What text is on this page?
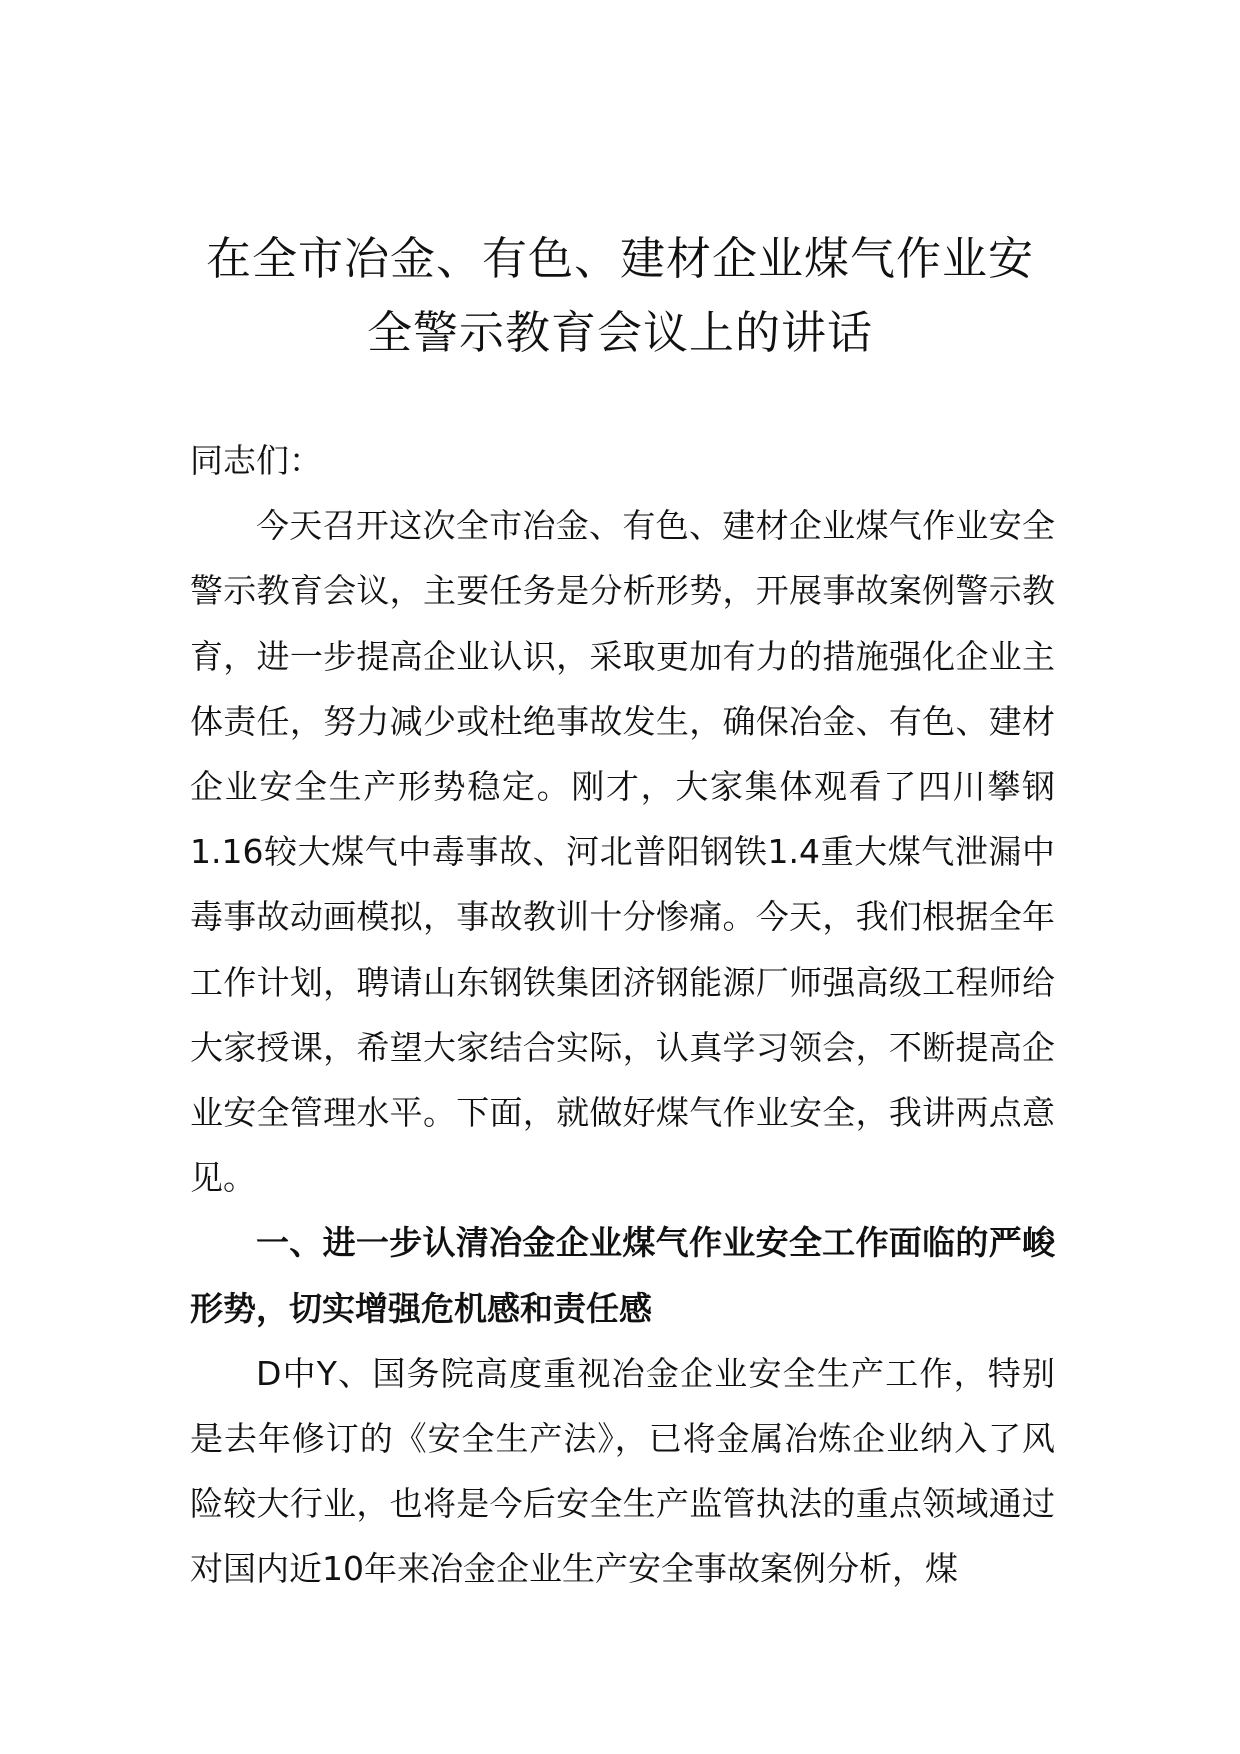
在全市冶金、有色、建材企业煤气作业安
全警示教育会议上的讲话

同志们：

今天召开这次全市冶金、有色、建材企业煤气作业安全警示教育会议，主要任务是分析形势，开展事故案例警示教育，进一步提高企业认识，采取更加有力的措施强化企业主体责任，努力减少或杜绝事故发生，确保冶金、有色、建材企业安全生产形势稳定。刚才，大家集体观看了四川攀钢1.16较大煤气中毒事故、河北普阳钢铁1.4重大煤气泄漏中毒事故动画模拟，事故教训十分惨痛。今天，我们根据全年工作计划，聘请山东钢铁集团济钢能源厂师强高级工程师给大家授课，希望大家结合实际，认真学习领会，不断提高企业安全管理水平。下面，就做好煤气作业安全，我讲两点意见。

一、进一步认清冶金企业煤气作业安全工作面临的严峻形势，切实增强危机感和责任感

D中Y、国务院高度重视冶金企业安全生产工作，特别是去年修订的《安全生产法》，已将金属冶炼企业纳入了风险较大行业，也将是今后安全生产监管执法的重点领域通过对国内近10年来冶金企业生产安全事故案例分析，煤
